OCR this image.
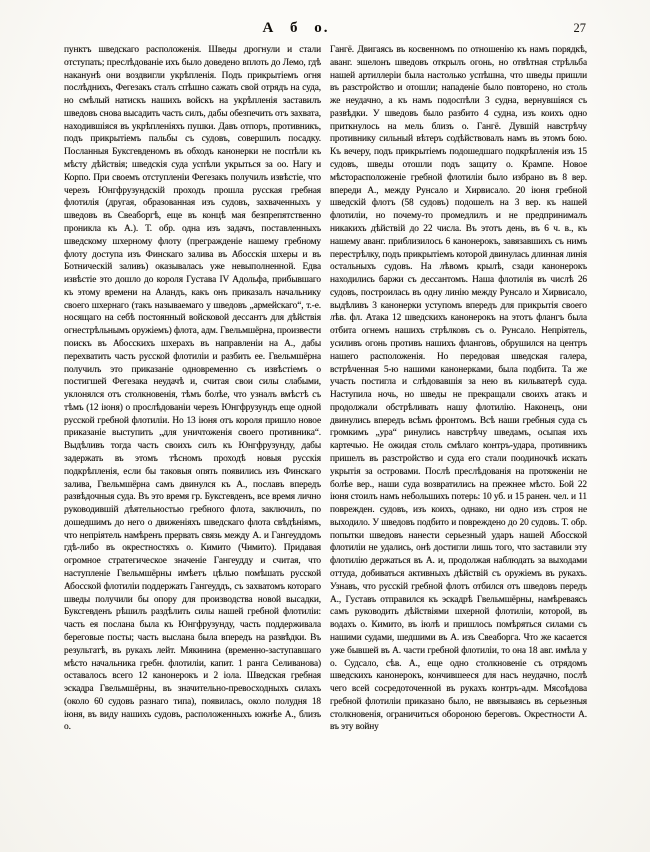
А б о.	27
пунктъ шведскаго расположенія. Шведы дрогнули и стали отступать; преслѣдованіе ихъ было доведено вплоть до Лемо, гдѣ наканунѣ они воздвигли укрѣпленія. Подъ прикрытіемъ огня послѣднихъ, Фегезакъ сталъ спѣшно сажать свой отрядъ на суда, но смѣлый натискъ нашихъ войскъ на укрѣпленія заставилъ шведовъ снова высадить часть силъ, дабы обезпечить отъ захвата, находившіяся въ укрѣпленіяхъ пушки. Давъ отпоръ, противникъ, подъ прикрытіемъ пальбы съ судовъ, совершилъ посадку. Посланныя Буксгевденомъ въ обходъ канонерки не поспѣли къ мѣсту дѣйствія; шведскія суда успѣли укрыться за оо. Нагу и Корпо. При своемъ отступленіи Фегезакъ получилъ извѣстіе, что черезъ Юнгфрузундскій проходъ прошла русская гребная флотилія (другая, образованная изъ судовъ, захваченныхъ у шведовъ въ Свеаборгѣ, еще въ концѣ мая безпрепятственно проникла къ А.). Т. обр. одна изъ задачъ, поставленныхъ шведскому шхерному флоту (прегражденіе нашему гребному флоту доступа изъ Финскаго залива въ Абосскія шхеры и въ Ботническій заливъ) оказывалась уже невыполненной. Едва извѣстіе это дошло до короля Густава IV Адольфа, прибывшаго къ этому времени на Аландъ, какъ онъ приказалъ начальнику своего шхернаго (такъ называемаго у шведовъ „армейскаго“, т.-е. носящаго на себѣ постоянный войсковой дессантъ для дѣйствія огнестрѣльнымъ оружіемъ) флота, адм. Гвельмшёрна, произвести поискъ въ Абосскихъ шхерахъ въ направленіи на А., дабы перехватить часть русской флотиліи и разбить ее. Гвельмшёрна получилъ это приказаніе одновременно съ извѣстіемъ о постигшей Фегезака неудачѣ и, считая свои силы слабыми, уклонялся отъ столкновенія, тѣмъ болѣе, что узналъ вмѣстѣ съ тѣмъ (12 іюня) о прослѣдованіи черезъ Юнгфрузундъ еще одной русской гребной флотиліи. Но 13 іюня отъ короля пришло новое приказаніе выступить „для уничтоженія своего противника“. Выдѣливъ тогда часть своихъ силъ къ Юнгфрузунду, дабы задержать въ этомъ тѣсномъ проходѣ новыя русскія подкрѣпленія, если бы таковыя опять появились изъ Финскаго залива, Гвельмшёрна самъ двинулся къ А., пославъ впередъ развѣдочныя суда. Въ это время гр. Буксгевденъ, все время лично руководившій дѣятельностью гребного флота, заключилъ, по дошедшимъ до него о движеніяхъ шведскаго флота свѣдѣніямъ, что непріятель намѣренъ прервать связь между А. и Гангеуддомъ гдѣ-либо въ окрестностяхъ о. Кимито (Чимито). Придавая огромное стратегическое значеніе Гангеудду и считая, что наступленіе Гвельмшёрны имѣетъ цѣлью помѣшать русской Абосской флотиліи поддержать Гангеуддъ, съ захватомъ котораго шведы получили бы опору для производства новой высадки, Буксгевденъ рѣшилъ раздѣлить силы нашей гребной флотиліи: часть ея послана была къ Юнгфрузунду, часть поддерживала береговые посты; часть выслана была впередъ на развѣдки. Въ результатѣ, въ рукахъ лейт. Мякинина (временно-заступавшаго мѣсто начальника гребн. флотиліи, капит. 1 ранга Селиванова) оставалось всего 12 канонерокъ и 2 іола. Шведская гребная эскадра Гвельмшёрны, въ значительно-превосходныхъ силахъ (около 60 судовъ разнаго типа), появилась, около полудня 18 іюня, въ виду нашихъ судовъ, расположенныхъ южнѣе А., близъ о.
Гангё. Двигаясь въ косвенномъ по отношенію къ намъ порядкѣ, аванг. эшелонъ шведовъ открылъ огонь, но отвѣтная стрѣльба нашей артиллеріи была настолько успѣшна, что шведы пришли въ разстройство и отошли; нападеніе было повторено, но столь же неудачно, а къ намъ подоспѣли 3 судна, вернувшіяся съ развѣдки. У шведовъ было разбито 4 судна, изъ коихъ одно приткнулось на мель близъ о. Гангё. Дувшій навстрѣчу противнику сильный вѣтеръ содѣйствовалъ намъ въ этомъ бою. Къ вечеру, подъ прикрытіемъ подошедшаго подкрѣпленія изъ 15 судовъ, шведы отошли подъ защиту о. Крампе. Новое мѣсторасположеніе гребной флотиліи было избрано въ 8 вер. впереди А., между Рунсало и Хирвисало. 20 іюня гребной шведскій флотъ (58 судовъ) подошелъ на 3 вер. къ нашей флотиліи, но почему-то промедлилъ и не предпринималъ никакихъ дѣйствій до 22 числа. Въ этотъ день, въ 6 ч. в., къ нашему аванг. приблизилось 6 канонерокъ, завязавшихъ съ нимъ перестрѣлку, подъ прикрытіемъ которой двинулась длинная линія остальныхъ судовъ. На лѣвомъ крылѣ, сзади канонерокъ находились баржи съ дессантомъ. Наша флотилія въ числѣ 26 судовъ, построилась въ одну линію между Рунсало и Хирвисало, выдѣливъ 3 канонерки уступомъ впередъ для прикрытія своего лѣв. фл. Атака 12 шведскихъ канонерокъ на этотъ флангъ была отбита огнемъ нашихъ стрѣлковъ съ о. Рунсало. Непріятель, усиливъ огонь противъ нашихъ фланговъ, обрушился на центръ нашего расположенія. Но передовая шведская галера, встрѣченная 5-ю нашими канонерками, была подбита. Та же участь постигла и слѣдовавшія за нею въ кильватерѣ суда. Наступила ночь, но шведы не прекращали своихъ атакъ и продолжали обстрѣливать нашу флотилію. Наконецъ, они двинулись впередъ всѣмъ фронтомъ. Всѣ наши гребныя суда съ громкимъ „ура“ ринулись навстрѣчу шведамъ, осыпая ихъ картечью. Не ожидая столь смѣлаго контръ-удара, противникъ пришелъ въ разстройство и суда его стали поодиночкѣ искать укрытія за островами. Послѣ преслѣдованія на протяженіи не болѣе вер., наши суда возвратились на прежнее мѣсто. Бой 22 іюня стоилъ намъ небольшихъ потерь: 10 уб. и 15 ранен. чел. и 11 поврежден. судовъ, изъ коихъ, однако, ни одно изъ строя не выходило. У шведовъ подбито и повреждено до 20 судовъ. Т. обр. попытки шведовъ нанести серьезный ударъ нашей Абосской флотиліи не удались, онѣ достигли лишь того, что заставили эту флотилію держаться въ А. и, продолжая наблюдать за выходами оттуда, добиваться активныхъ дѣйствій съ оружіемъ въ рукахъ. Узнавъ, что русскій гребной флотъ отбился отъ шведовъ передъ А., Густавъ отправился къ эскадрѣ Гвельмшёрны, намѣреваясь самъ руководить дѣйствіями шхерной флотиліи, которой, въ водахъ о. Кимито, въ іюлѣ и пришлось помѣряться силами съ нашими судами, шедшими въ А. изъ Свеаборга. Что же касается уже бывшей въ А. части гребной флотиліи, то она 18 авг. имѣла у о. Судсало, сѣв. А., еще одно столкновеніе съ отрядомъ шведскихъ канонерокъ, кончившееся для насъ неудачно, послѣ чего всей сосредоточенной въ рукахъ контръ-адм. Мясоѣдова гребной флотиліи приказано было, не ввязываясь въ серьезныя столкновенія, ограничиться обороною береговъ. Окрестности А. въ эту войну
